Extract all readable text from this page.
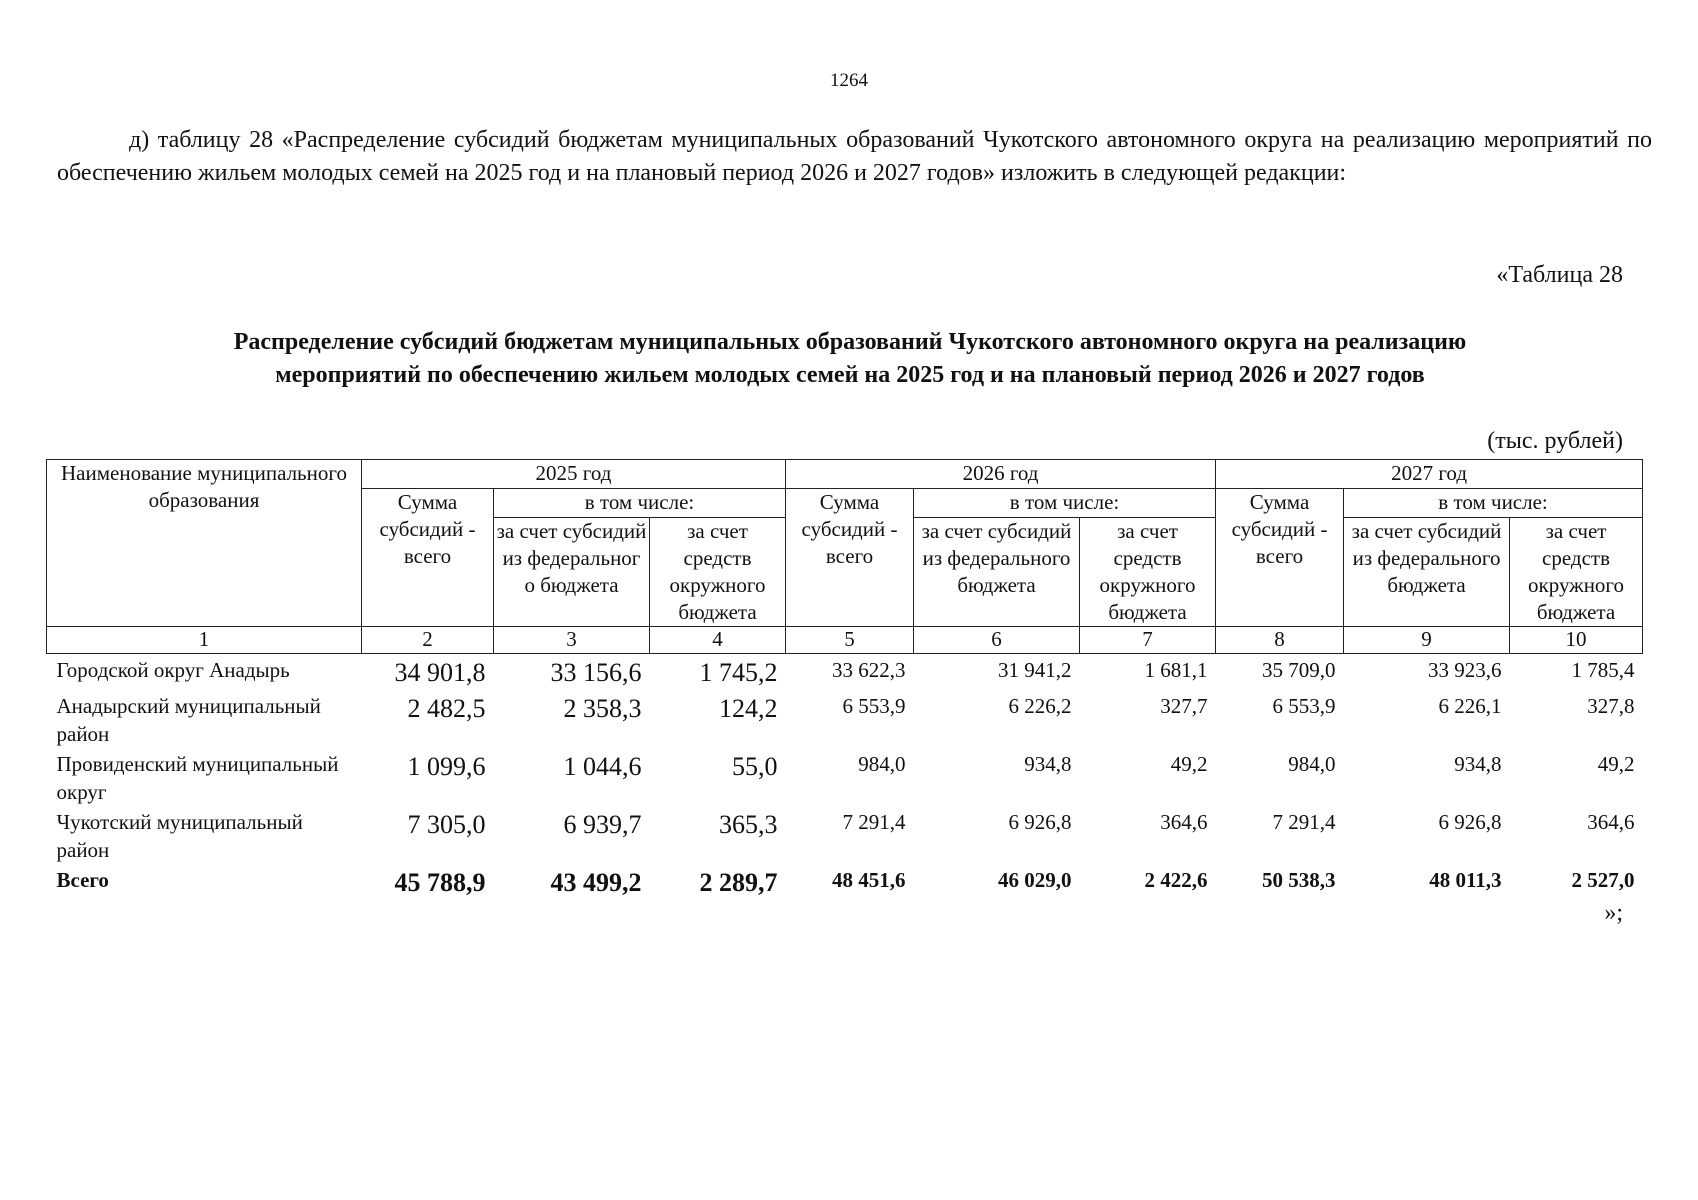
1264

д) таблицу 28 «Распределение субсидий бюджетам муниципальных образований Чукотского автономного округа на реализацию мероприятий по обеспечению жильем молодых семей на 2025 год и на плановый период 2026 и 2027 годов» изложить в следующей редакции:

«Таблица 28
Распределение субсидий бюджетам муниципальных образований Чукотского автономного округа на реализацию
мероприятий по обеспечению жильем молодых семей на 2025 год и на плановый период 2026 и 2027 годов
(тыс. рублей)
Наименование муниципального образования	2025 год			2026 год			2027 год		
	Сумма субсидий - всего	в том числе:		Сумма субсидий - всего	в том числе:		Сумма субсидий - всего	в том числе:	
		за счет субсидий из федеральног о бюджета	за счет средств окружного бюджета		за счет субсидий из федерального бюджета	за счет средств окружного бюджета		за счет субсидий из федерального бюджета	за счет средств окружного бюджета
1	2	3	4	5	6	7	8	9	10
Городской округ Анадырь	34 901,8	33 156,6	1 745,2	33 622,3	31 941,2	1 681,1	35 709,0	33 923,6	1 785,4
Анадырский муниципальный район	2 482,5	2 358,3	124,2	6 553,9	6 226,2	327,7	6 553,9	6 226,1	327,8
Провиденский муниципальный округ	1 099,6	1 044,6	55,0	984,0	934,8	49,2	984,0	934,8	49,2
Чукотский муниципальный район	7 305,0	6 939,7	365,3	7 291,4	6 926,8	364,6	7 291,4	6 926,8	364,6
Всего	45 788,9	43 499,2	2 289,7	48 451,6	46 029,0	2 422,6	50 538,3	48 011,3	2 527,0
»;
